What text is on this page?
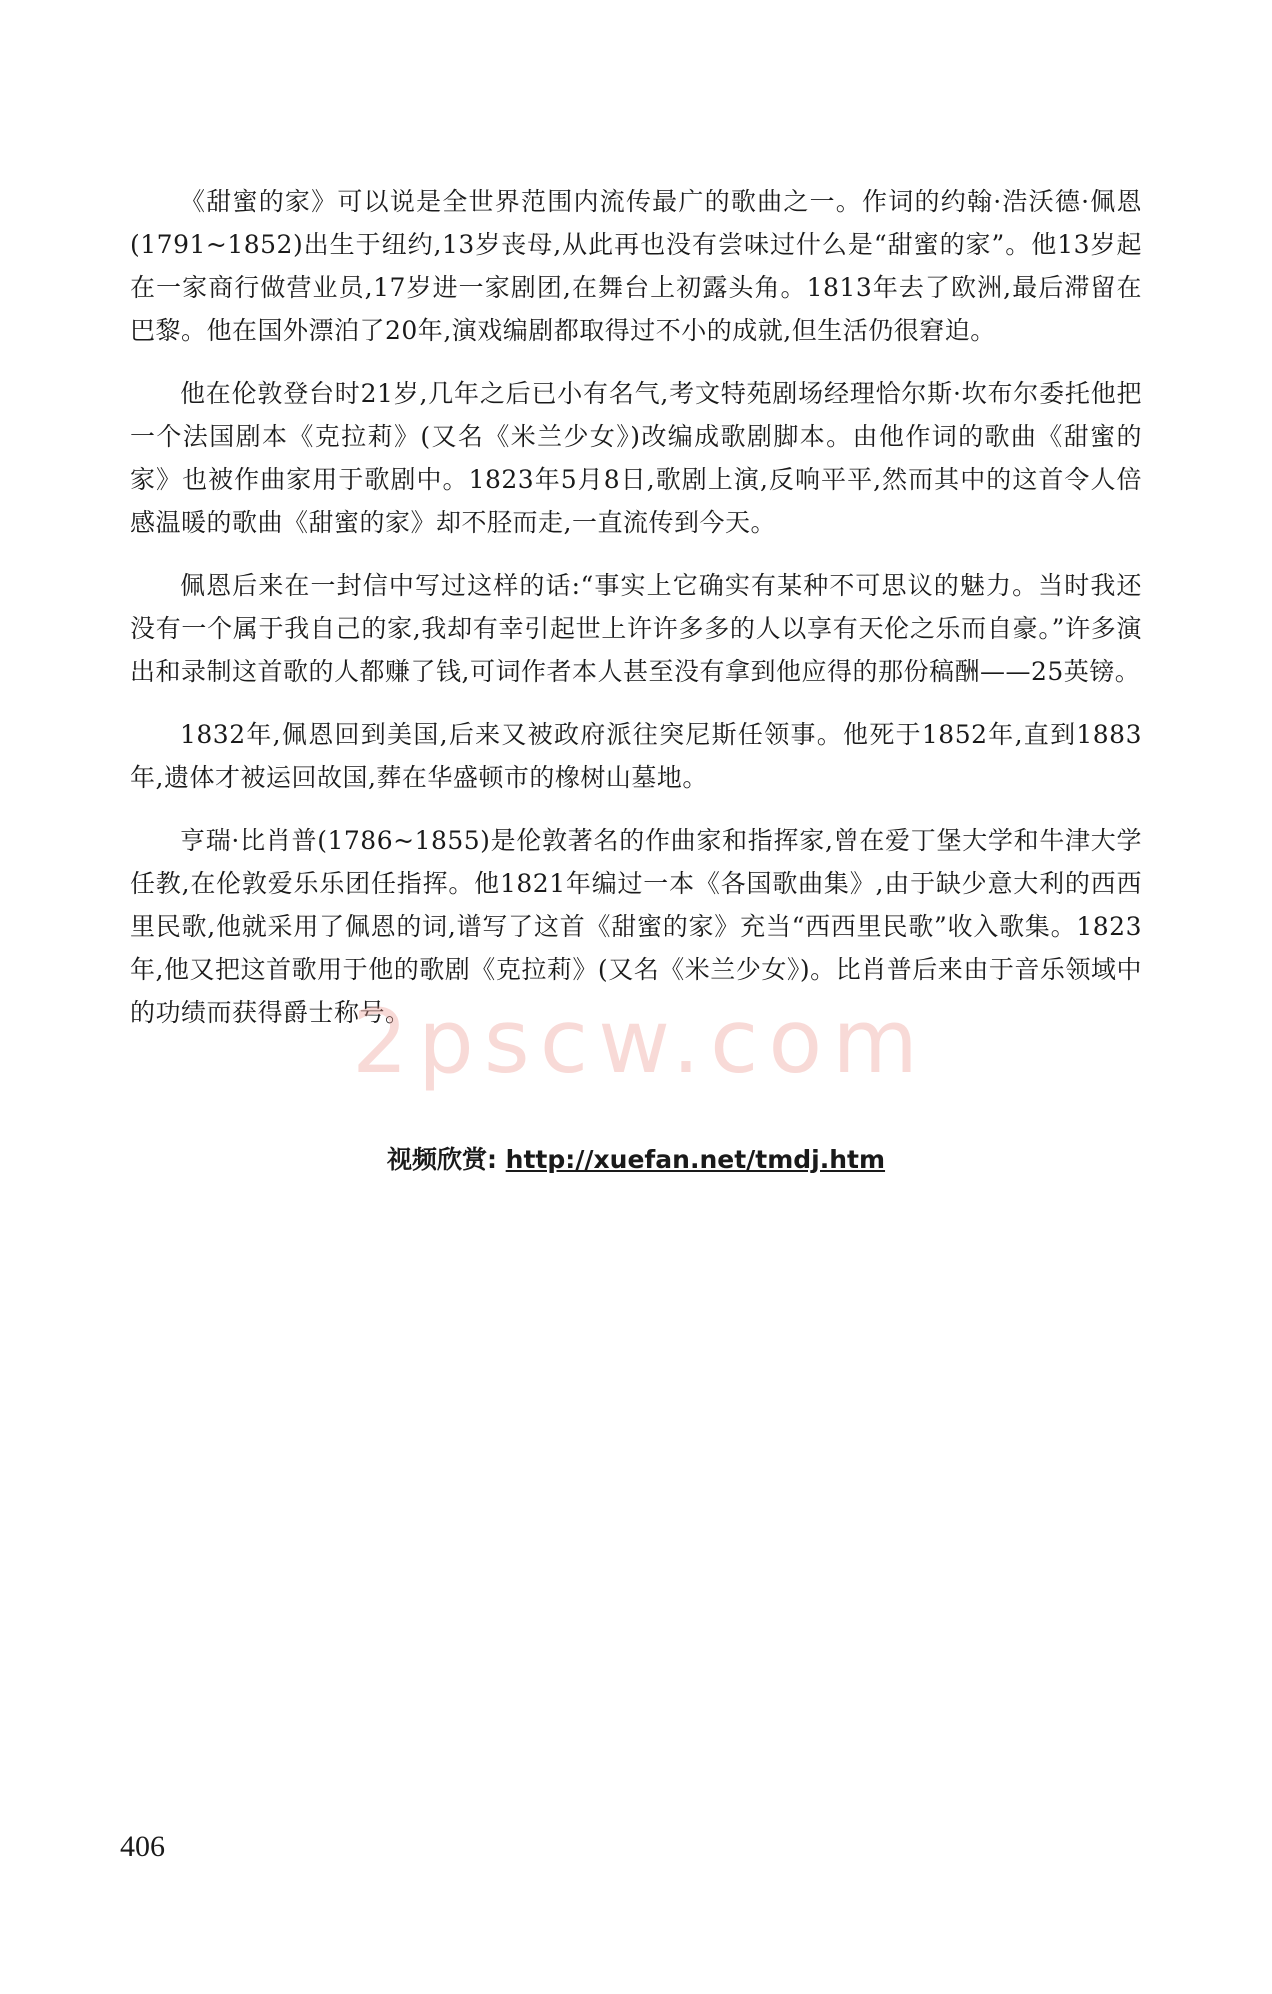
《甜蜜的家》可以说是全世界范围内流传最广的歌曲之一。作词的约翰·浩沃德·佩恩(1791~1852)出生于纽约,13岁丧母,从此再也没有尝味过什么是“甜蜜的家”。他13岁起在一家商行做营业员,17岁进一家剧团,在舞台上初露头角。1813年去了欧洲,最后滞留在巴黎。他在国外漂泊了20年,演戏编剧都取得过不小的成就,但生活仍很窘迫。

他在伦敦登台时21岁,几年之后已小有名气,考文特苑剧场经理恰尔斯·坎布尔委托他把一个法国剧本《克拉莉》(又名《米兰少女》)改编成歌剧脚本。由他作词的歌曲《甜蜜的家》也被作曲家用于歌剧中。1823年5月8日,歌剧上演,反响平平,然而其中的这首令人倍感温暖的歌曲《甜蜜的家》却不胫而走,一直流传到今天。

佩恩后来在一封信中写过这样的话:“事实上它确实有某种不可思议的魅力。当时我还没有一个属于我自己的家,我却有幸引起世上许许多多的人以享有天伦之乐而自豪。”许多演出和录制这首歌的人都赚了钱,可词作者本人甚至没有拿到他应得的那份稿酬——25英镑。

1832年,佩恩回到美国,后来又被政府派往突尼斯任领事。他死于1852年,直到1883年,遗体才被运回故国,葬在华盛顿市的橡树山墓地。

亨瑞·比肖普(1786~1855)是伦敦著名的作曲家和指挥家,曾在爱丁堡大学和牛津大学任教,在伦敦爱乐乐团任指挥。他1821年编过一本《各国歌曲集》,由于缺少意大利的西西里民歌,他就采用了佩恩的词,谱写了这首《甜蜜的家》充当“西西里民歌”收入歌集。1823年,他又把这首歌用于他的歌剧《克拉莉》(又名《米兰少女》)。比肖普后来由于音乐领域中的功绩而获得爵士称号。

2pscw.com
视频欣赏: http://xuefan.net/tmdj.htm
406
